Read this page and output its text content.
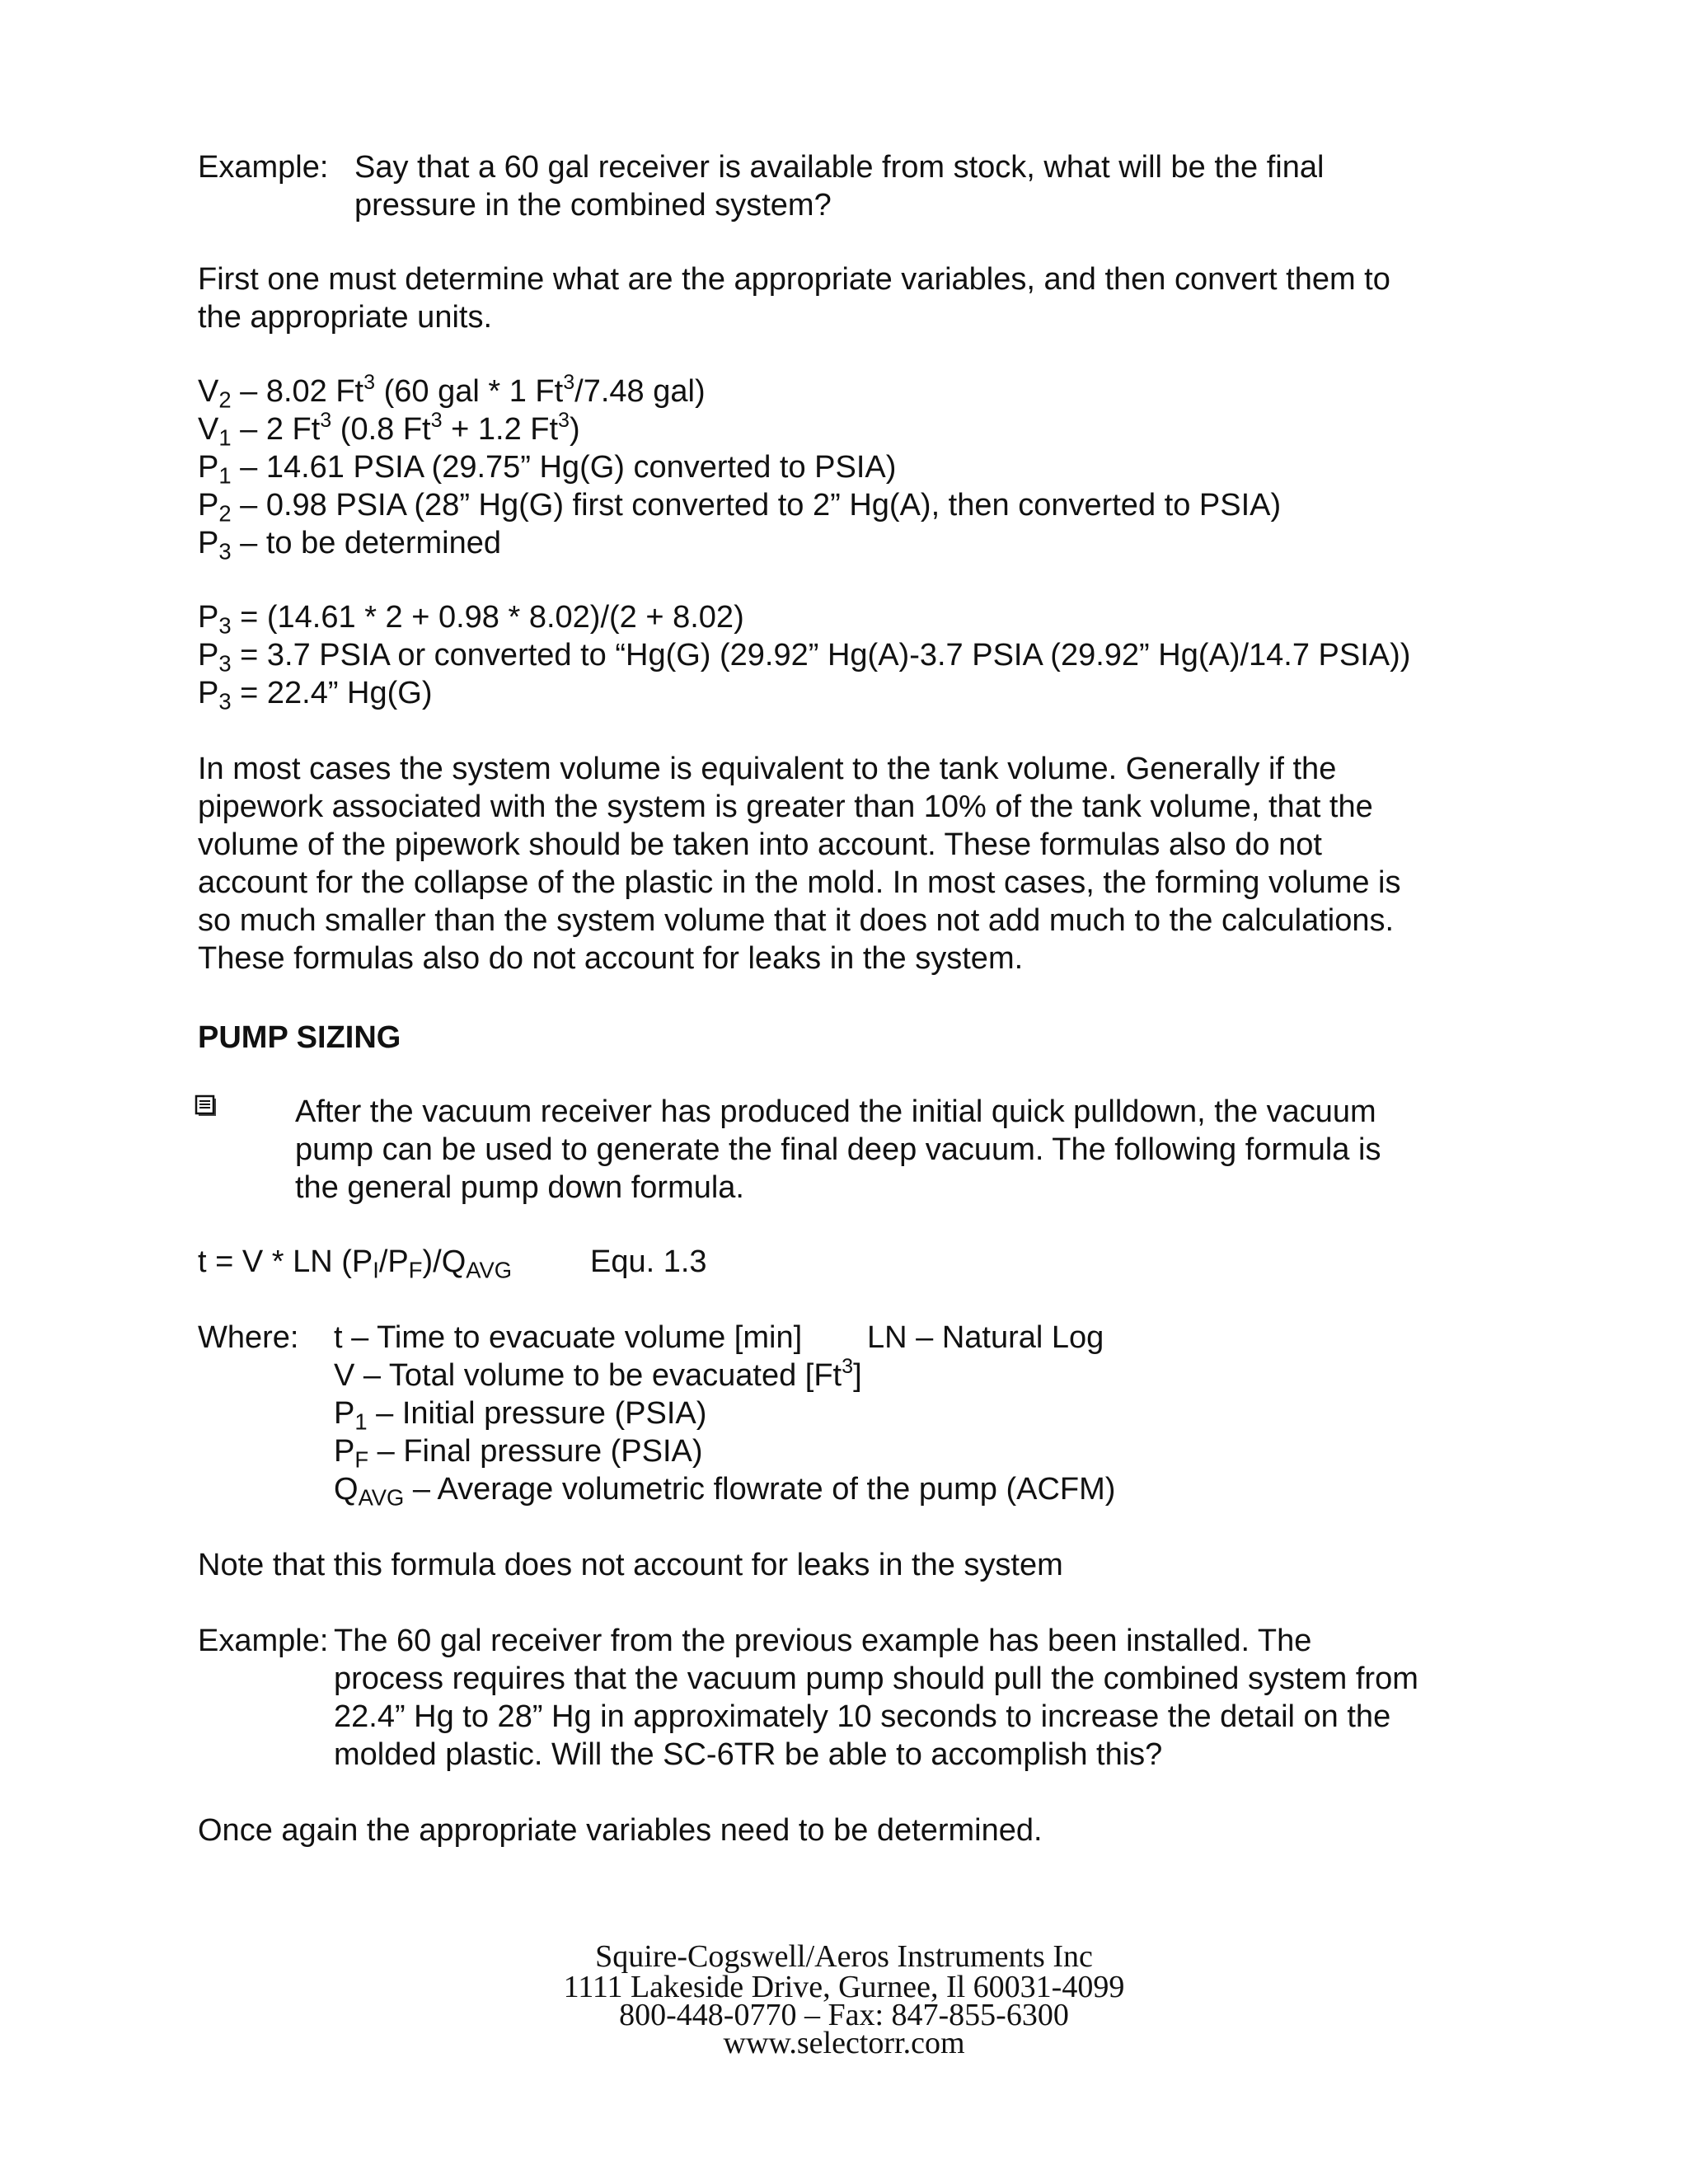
Example: Say that a 60 gal receiver is available from stock, what will be the final
pressure in the combined system?
First one must determine what are the appropriate variables, and then convert them to
the appropriate units.
$V_2 - 8.02$ Ft$^3$ (60 gal * 1 Ft$^3$/7.48 gal)
$V_1 - 2$ Ft$^3$ (0.8 $Ft^3 + 1.2$ Ft$^3$)
$P_1 - 14.61$ PSIA (29.75” Hg(G) converted to PSIA)
$P_2 - 0.98$ PSIA (28” Hg(G) first converted to 2” Hg(A), then converted to PSIA)
$P_3$ – to be determined
$P_3 = (14.61 * 2 + 0.98 * 8.02)/(2 + 8.02)$
$P_3 = 3.7$ PSIA or converted to “Hg(G) (29.92” Hg(A)-3.7 PSIA (29.92” Hg(A)/14.7 PSIA))
$P_3 = 22.4$” Hg(G)
In most cases the system volume is equivalent to the tank volume. Generally if the
pipework associated with the system is greater than 10% of the tank volume, that the
volume of the pipework should be taken into account. These formulas also do not
account for the collapse of the plastic in the mold. In most cases, the forming volume is
so much smaller than the system volume that it does not add much to the calculations.
These formulas also do not account for leaks in the system.
PUMP SIZING
After the vacuum receiver has produced the initial quick pulldown, the vacuum
pump can be used to generate the final deep vacuum. The following formula is
the general pump down formula.
t = V * LN $(P_I/P_F)/Q_{AVG}$ Equ. 1.3
Where: t – Time to evacuate volume [min] LN – Natural Log
V – Total volume to be evacuated [Ft$^3$]
$P_1$ – Initial pressure (PSIA)
$P_F$ – Final pressure (PSIA)
$Q_{AVG}$ – Average volumetric flowrate of the pump (ACFM)
Note that this formula does not account for leaks in the system
Example: The 60 gal receiver from the previous example has been installed. The
process requires that the vacuum pump should pull the combined system from
22.4” Hg to 28” Hg in approximately 10 seconds to increase the detail on the
molded plastic. Will the SC-6TR be able to accomplish this?
Once again the appropriate variables need to be determined.
Squire-Cogswell/Aeros Instruments Inc
1111 Lakeside Drive, Gurnee, Il 60031-4099
800-448-0770 – Fax: 847-855-6300
www.selectorr.com
